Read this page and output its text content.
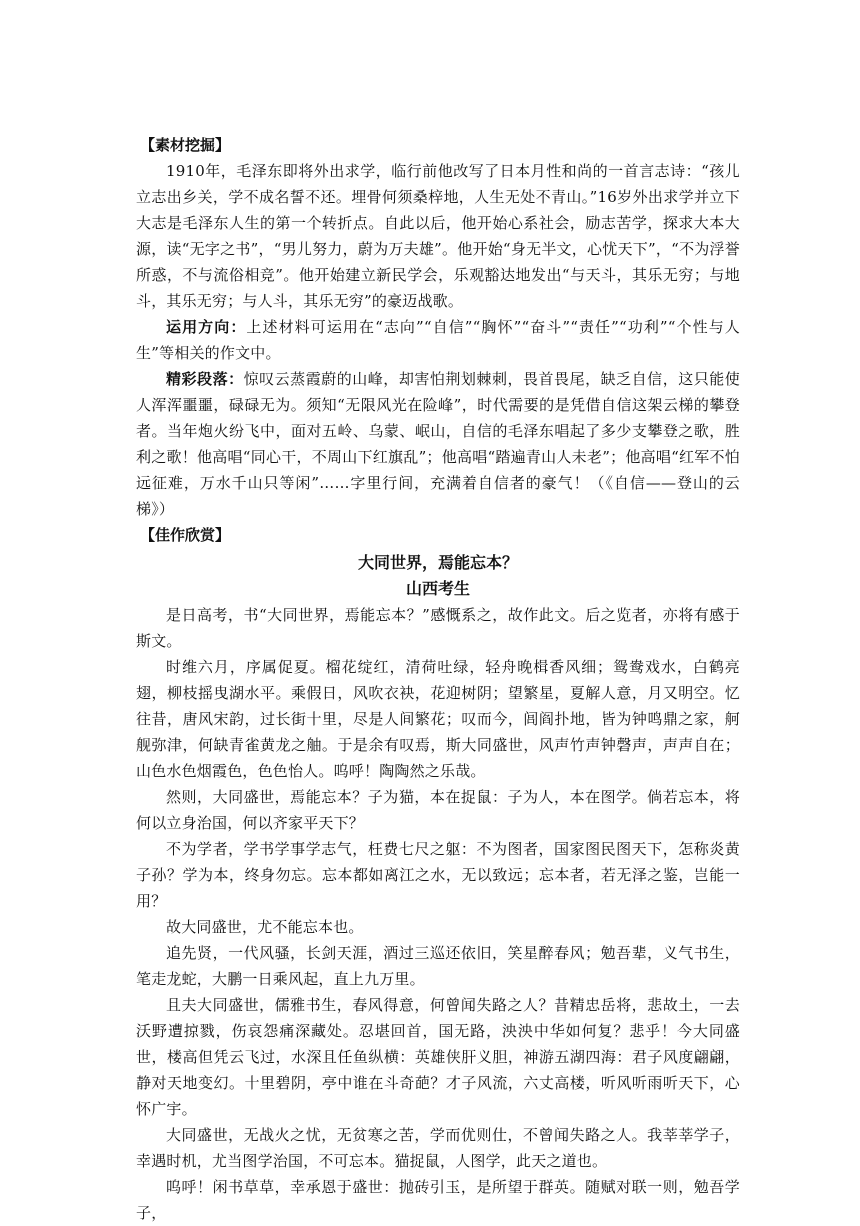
【素材挖掘】

1910年，毛泽东即将外出求学，临行前他改写了日本月性和尚的一首言志诗：“孩儿立志出乡关，学不成名誓不还。埋骨何须桑梓地，人生无处不青山。”16岁外出求学并立下大志是毛泽东人生的第一个转折点。自此以后，他开始心系社会，励志苦学，探求大本大源，读“无字之书”，“男儿努力，蔚为万夫雄”。他开始“身无半文，心忧天下”，“不为浮誉所惑，不与流俗相竞”。他开始建立新民学会，乐观豁达地发出“与天斗，其乐无穷；与地斗，其乐无穷；与人斗，其乐无穷”的豪迈战歌。

运用方向：上述材料可运用在“志向”“自信”“胸怀”“奋斗”“责任”“功利”“个性与人生”等相关的作文中。

精彩段落：惊叹云蒸霞蔚的山峰，却害怕荆划棘刺，畏首畏尾，缺乏自信，这只能使人浑浑噩噩，碌碌无为。须知“无限风光在险峰”，时代需要的是凭借自信这架云梯的攀登者。当年炮火纷飞中，面对五岭、乌蒙、岷山，自信的毛泽东唱起了多少支攀登之歌，胜利之歌！他高唱“同心干，不周山下红旗乱”；他高唱“踏遍青山人未老”；他高唱“红军不怕远征难，万水千山只等闲”……字里行间，充满着自信者的豪气！（《自信——登山的云梯》）

【佳作欣赏】
大同世界，焉能忘本？
山西考生

是日高考，书“大同世界，焉能忘本？”感慨系之，故作此文。后之览者，亦将有感于斯文。

时维六月，序属促夏。榴花绽红，清荷吐绿，轻舟晚楫香风细；鸳鸯戏水，白鹤亮翅，柳枝摇曳湖水平。乘假日，风吹衣袂，花迎树阴；望繁星，夏解人意，月又明空。忆往昔，唐风宋韵，过长街十里，尽是人间繁花；叹而今，闾阎扑地，皆为钟鸣鼎之家，舸舰弥津，何缺青雀黄龙之舳。于是余有叹焉，斯大同盛世，风声竹声钟磬声，声声自在；山色水色烟霞色，色色怡人。呜呼！陶陶然之乐哉。

然则，大同盛世，焉能忘本？子为猫，本在捉鼠：子为人，本在图学。倘若忘本，将何以立身治国，何以齐家平天下？

不为学者，学书学事学志气，枉费七尺之躯：不为图者，国家图民图天下，怎称炎黄子孙？学为本，终身勿忘。忘本都如离江之水，无以致远；忘本者，若无泽之鉴，岂能一用？

故大同盛世，尤不能忘本也。

追先贤，一代风骚，长剑天涯，酒过三巡还依旧，笑星醉春风；勉吾辈，义气书生，笔走龙蛇，大鹏一日乘风起，直上九万里。

且夫大同盛世，儒雅书生，春风得意，何曾闻失路之人？昔精忠岳将，悲故土，一去沃野遭掠戮，伤哀怨痛深藏处。忍堪回首，国无路，泱泱中华如何复？悲乎！今大同盛世，楼高但凭云飞过，水深且任鱼纵横：英雄侠肝义胆，神游五湖四海：君子风度翩翩，静对天地变幻。十里碧阴，亭中谁在斗奇葩？才子风流，六丈高楼，听风听雨听天下，心怀广宇。

大同盛世，无战火之忧，无贫寒之苦，学而优则仕，不曾闻失路之人。我莘莘学子，幸遇时机，尤当图学治国，不可忘本。猫捉鼠，人图学，此天之道也。

呜呼！闲书草草，幸承恩于盛世：抛砖引玉，是所望于群英。随赋对联一则，勉吾学子，
